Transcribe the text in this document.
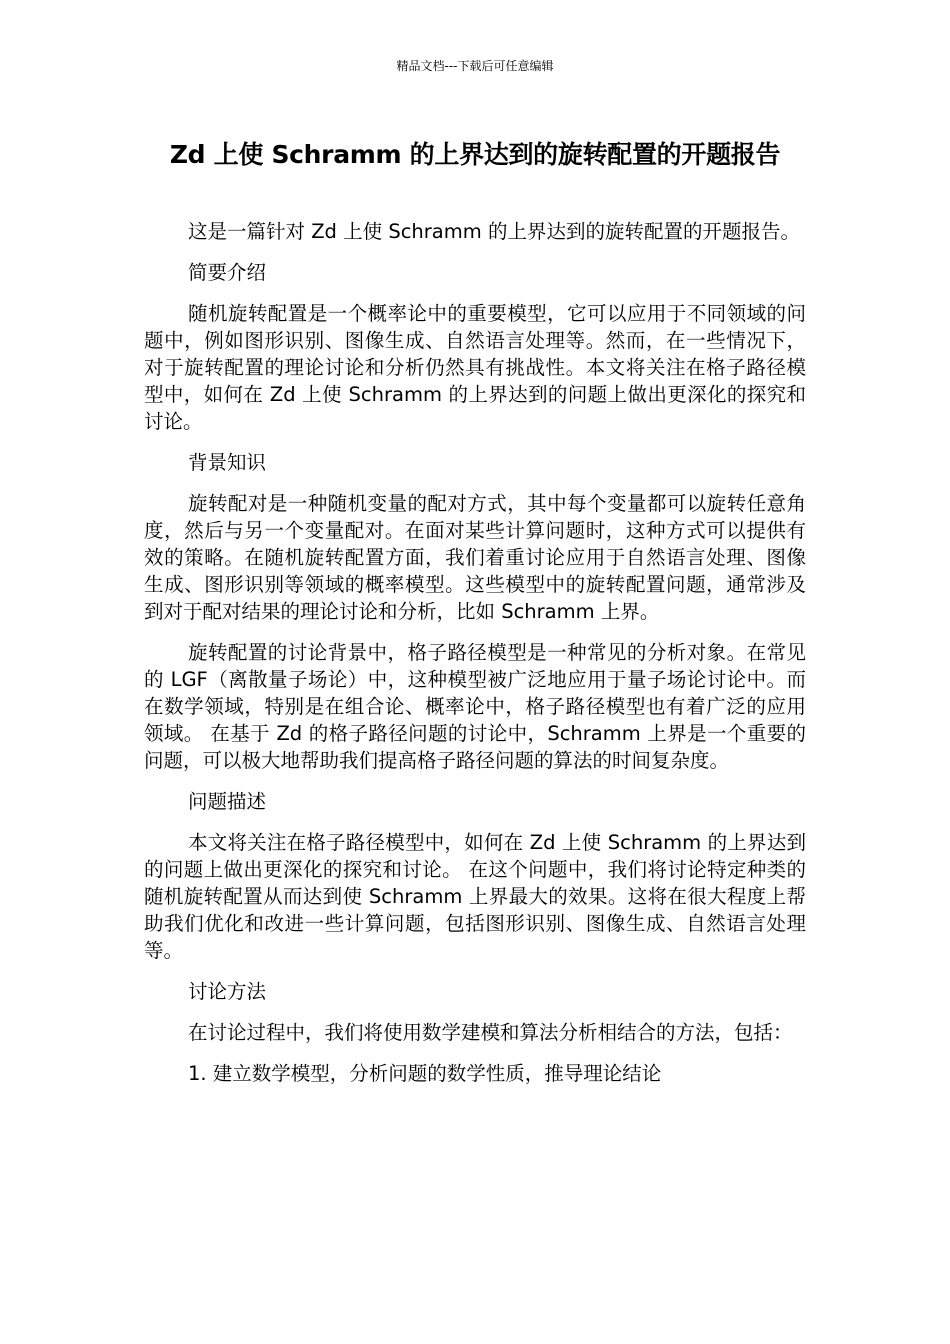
精品文档---下载后可任意编辑
Zd 上使 Schramm 的上界达到的旋转配置的开题报告

这是一篇针对 Zd 上使 Schramm 的上界达到的旋转配置的开题报告。

简要介绍

随机旋转配置是一个概率论中的重要模型，它可以应用于不同领域的问题中，例如图形识别、图像生成、自然语言处理等。然而，在一些情况下，对于旋转配置的理论讨论和分析仍然具有挑战性。本文将关注在格子路径模型中，如何在 Zd 上使 Schramm 的上界达到的问题上做出更深化的探究和讨论。

背景知识

旋转配对是一种随机变量的配对方式，其中每个变量都可以旋转任意角度，然后与另一个变量配对。在面对某些计算问题时，这种方式可以提供有效的策略。在随机旋转配置方面，我们着重讨论应用于自然语言处理、图像生成、图形识别等领域的概率模型。这些模型中的旋转配置问题，通常涉及到对于配对结果的理论讨论和分析，比如 Schramm 上界。

旋转配置的讨论背景中，格子路径模型是一种常见的分析对象。在常见的 LGF（离散量子场论）中，这种模型被广泛地应用于量子场论讨论中。而在数学领域，特别是在组合论、概率论中，格子路径模型也有着广泛的应用领域。 在基于 Zd 的格子路径问题的讨论中，Schramm 上界是一个重要的问题，可以极大地帮助我们提高格子路径问题的算法的时间复杂度。

问题描述

本文将关注在格子路径模型中，如何在 Zd 上使 Schramm 的上界达到的问题上做出更深化的探究和讨论。 在这个问题中，我们将讨论特定种类的随机旋转配置从而达到使 Schramm 上界最大的效果。这将在很大程度上帮助我们优化和改进一些计算问题，包括图形识别、图像生成、自然语言处理等。

讨论方法

在讨论过程中，我们将使用数学建模和算法分析相结合的方法，包括：

1. 建立数学模型，分析问题的数学性质，推导理论结论
